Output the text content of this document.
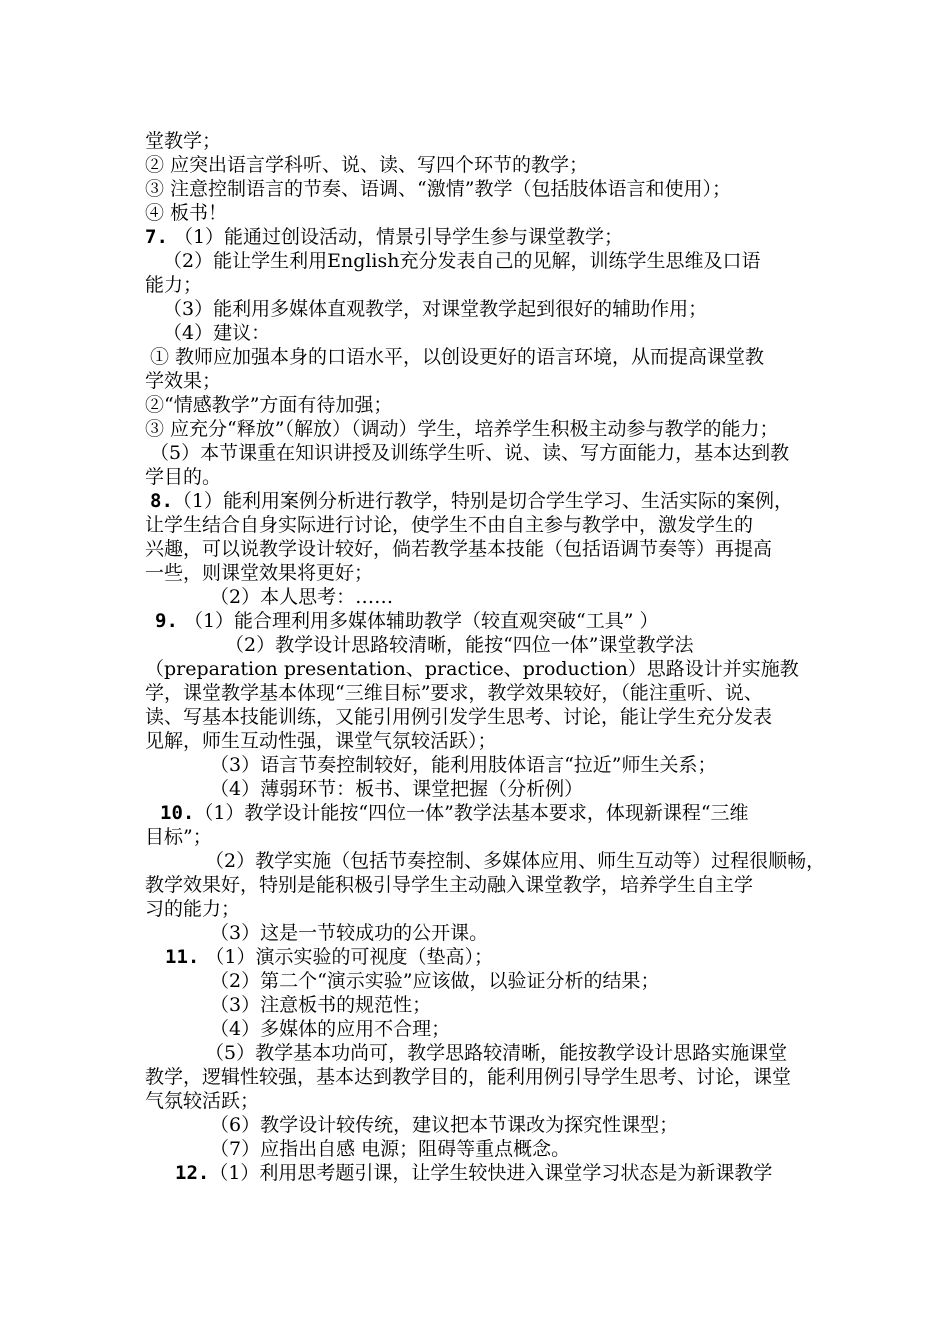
堂教学；
② 应突出语言学科听、说、读、写四个环节的教学；
③ 注意控制语言的节奏、语调、“激情”教学（包括肢体语言和使用）；
④ 板书！
7. （1）能通过创设活动，情景引导学生参与课堂教学；
（2）能让学生利用English充分发表自己的见解，训练学生思维及口语
能力；
（3）能利用多媒体直观教学，对课堂教学起到很好的辅助作用；
（4）建议：
① 教师应加强本身的口语水平，以创设更好的语言环境，从而提高课堂教
学效果；
②“情感教学”方面有待加强；
③ 应充分“释放”（解放）（调动）学生，培养学生积极主动参与教学的能力；
（5）本节课重在知识讲授及训练学生听、说、读、写方面能力，基本达到教
学目的。
8.（1）能利用案例分析进行教学，特别是切合学生学习、生活实际的案例，
让学生结合自身实际进行讨论，使学生不由自主参与教学中，激发学生的
兴趣，可以说教学设计较好，倘若教学基本技能（包括语调节奏等）再提高
一些，则课堂效果将更好；
（2）本人思考：……
9. （1）能合理利用多媒体辅助教学（较直观突破“工具” ）
（2）教学设计思路较清晰，能按“四位一体”课堂教学法
（preparation presentation、practice、production）思路设计并实施教
学，课堂教学基本体现“三维目标”要求，教学效果较好，（能注重听、说、
读、写基本技能训练，又能引用例引发学生思考、讨论，能让学生充分发表
见解，师生互动性强，课堂气氛较活跃）；
（3）语言节奏控制较好，能利用肢体语言“拉近”师生关系；
（4）薄弱环节：板书、课堂把握（分析例）
10.（1）教学设计能按“四位一体”教学法基本要求，体现新课程“三维
目标”；
（2）教学实施（包括节奏控制、多媒体应用、师生互动等）过程很顺畅，
教学效果好，特别是能积极引导学生主动融入课堂教学，培养学生自主学
习的能力；
（3）这是一节较成功的公开课。
11. （1）演示实验的可视度（垫高）；
（2）第二个“演示实验”应该做，以验证分析的结果；
（3）注意板书的规范性；
（4）多媒体的应用不合理；
（5）教学基本功尚可，教学思路较清晰，能按教学设计思路实施课堂
教学，逻辑性较强，基本达到教学目的，能利用例引导学生思考、讨论，课堂
气氛较活跃；
（6）教学设计较传统，建议把本节课改为探究性课型；
（7）应指出自感 电源；阻碍等重点概念。
12.（1）利用思考题引课，让学生较快进入课堂学习状态是为新课教学
